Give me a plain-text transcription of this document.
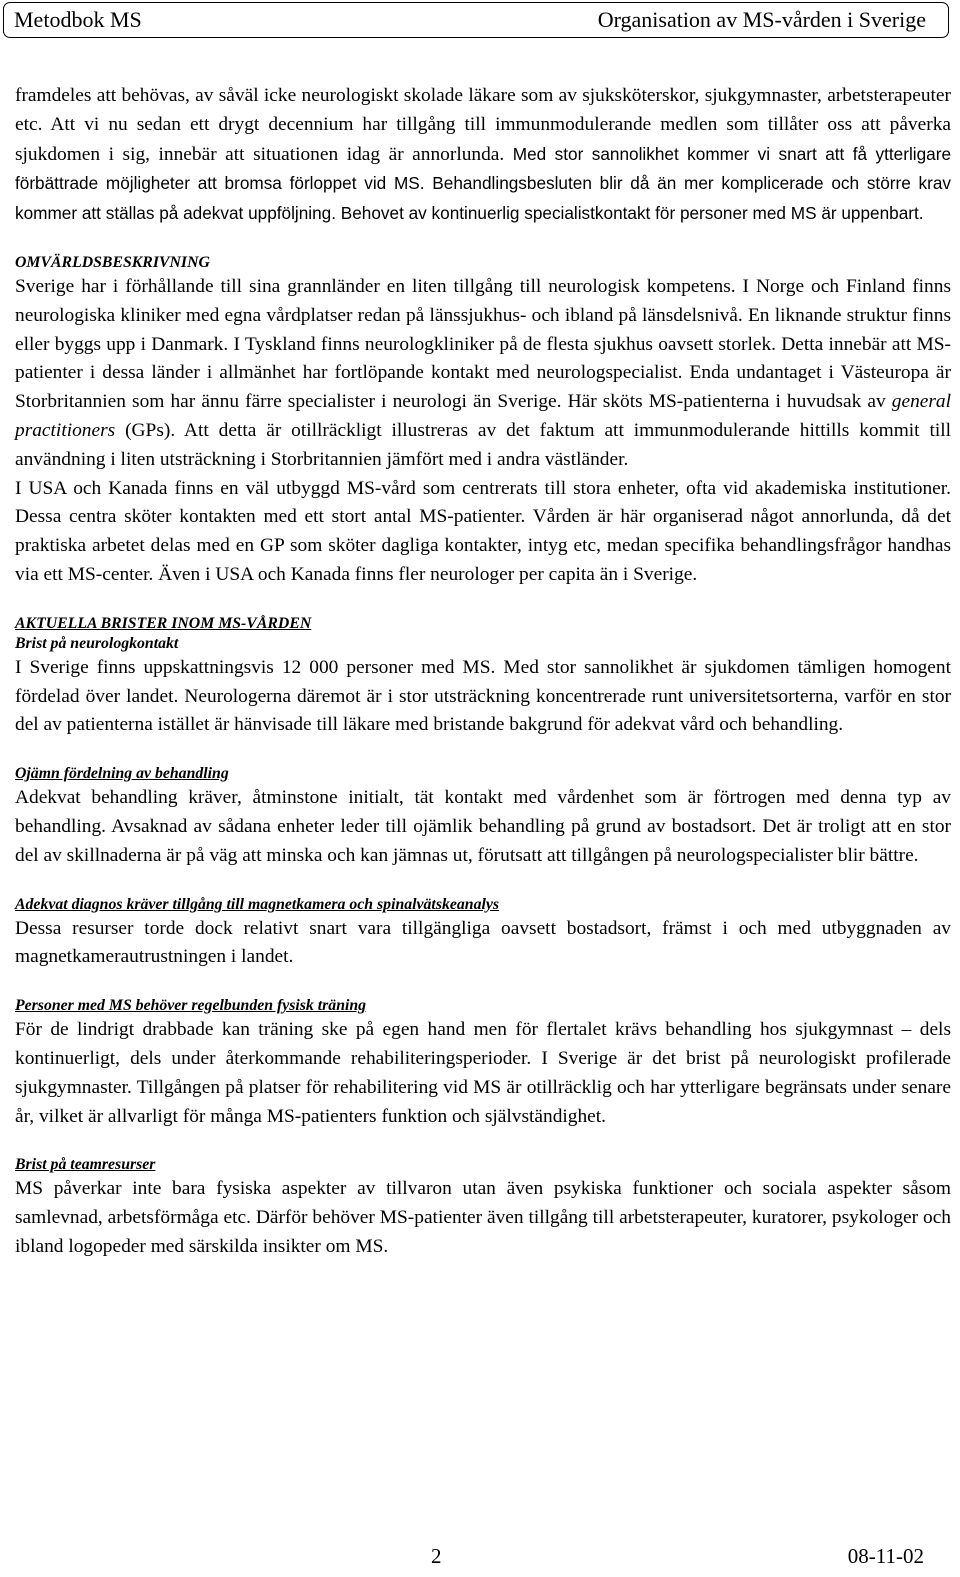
Metodbok MS	Organisation av MS-vården i Sverige

framdeles att behövas, av såväl icke neurologiskt skolade läkare som av sjuksköterskor, sjukgymnaster, arbetsterapeuter etc. Att vi nu sedan ett drygt decennium har tillgång till immunmodulerande medlen som tillåter oss att påverka sjukdomen i sig, innebär att situationen idag är annorlunda. Med stor sannolikhet kommer vi snart att få ytterligare förbättrade möjligheter att bromsa förloppet vid MS. Behandlingsbesluten blir då än mer komplicerade och större krav kommer att ställas på adekvat uppföljning. Behovet av kontinuerlig specialistkontakt för personer med MS är uppenbart.

OMVÄRLDSBESKRIVNING

Sverige har i förhållande till sina grannländer en liten tillgång till neurologisk kompetens. I Norge och Finland finns neurologiska kliniker med egna vårdplatser redan på länssjukhus- och ibland på länsdelsnivå. En liknande struktur finns eller byggs upp i Danmark. I Tyskland finns neurologkliniker på de flesta sjukhus oavsett storlek. Detta innebär att MS-patienter i dessa länder i allmänhet har fortlöpande kontakt med neurologspecialist. Enda undantaget i Västeuropa är Storbritannien som har ännu färre specialister i neurologi än Sverige. Här sköts MS-patienterna i huvudsak av general practitioners (GPs). Att detta är otillräckligt illustreras av det faktum att immunmodulerande hittills kommit till användning i liten utsträckning i Storbritannien jämfört med i andra västländer.

I USA och Kanada finns en väl utbyggd MS-vård som centrerats till stora enheter, ofta vid akademiska institutioner. Dessa centra sköter kontakten med ett stort antal MS-patienter. Vården är här organiserad något annorlunda, då det praktiska arbetet delas med en GP som sköter dagliga kontakter, intyg etc, medan specifika behandlingsfrågor handhas via ett MS-center. Även i USA och Kanada finns fler neurologer per capita än i Sverige.

AKTUELLA BRISTER INOM MS-VÅRDEN

Brist på neurologkontakt

I Sverige finns uppskattningsvis 12 000 personer med MS. Med stor sannolikhet är sjukdomen tämligen homogent fördelad över landet. Neurologerna däremot är i stor utsträckning koncentrerade runt universitetsorterna, varför en stor del av patienterna istället är hänvisade till läkare med bristande bakgrund för adekvat vård och behandling.

Ojämn fördelning av behandling

Adekvat behandling kräver, åtminstone initialt, tät kontakt med vårdenhet som är förtrogen med denna typ av behandling. Avsaknad av sådana enheter leder till ojämlik behandling på grund av bostadsort. Det är troligt att en stor del av skillnaderna är på väg att minska och kan jämnas ut, förutsatt att tillgången på neurologspecialister blir bättre.

Adekvat diagnos kräver tillgång till magnetkamera och spinalvätskeanalys

Dessa resurser torde dock relativt snart vara tillgängliga oavsett bostadsort, främst i och med utbyggnaden av magnetkamerautrustningen i landet.

Personer med MS behöver regelbunden fysisk träning

För de lindrigt drabbade kan träning ske på egen hand men för flertalet krävs behandling hos sjukgymnast – dels kontinuerligt, dels under återkommande rehabiliteringsperioder. I Sverige är det brist på neurologiskt profilerade sjukgymnaster. Tillgången på platser för rehabilitering vid MS är otillräcklig och har ytterligare begränsats under senare år, vilket är allvarligt för många MS-patienters funktion och självständighet.

Brist på teamresurser

MS påverkar inte bara fysiska aspekter av tillvaron utan även psykiska funktioner och sociala aspekter såsom samlevnad, arbetsförmåga etc. Därför behöver MS-patienter även tillgång till arbetsterapeuter, kuratorer, psykologer och ibland logopeder med särskilda insikter om MS.

2	08-11-02
